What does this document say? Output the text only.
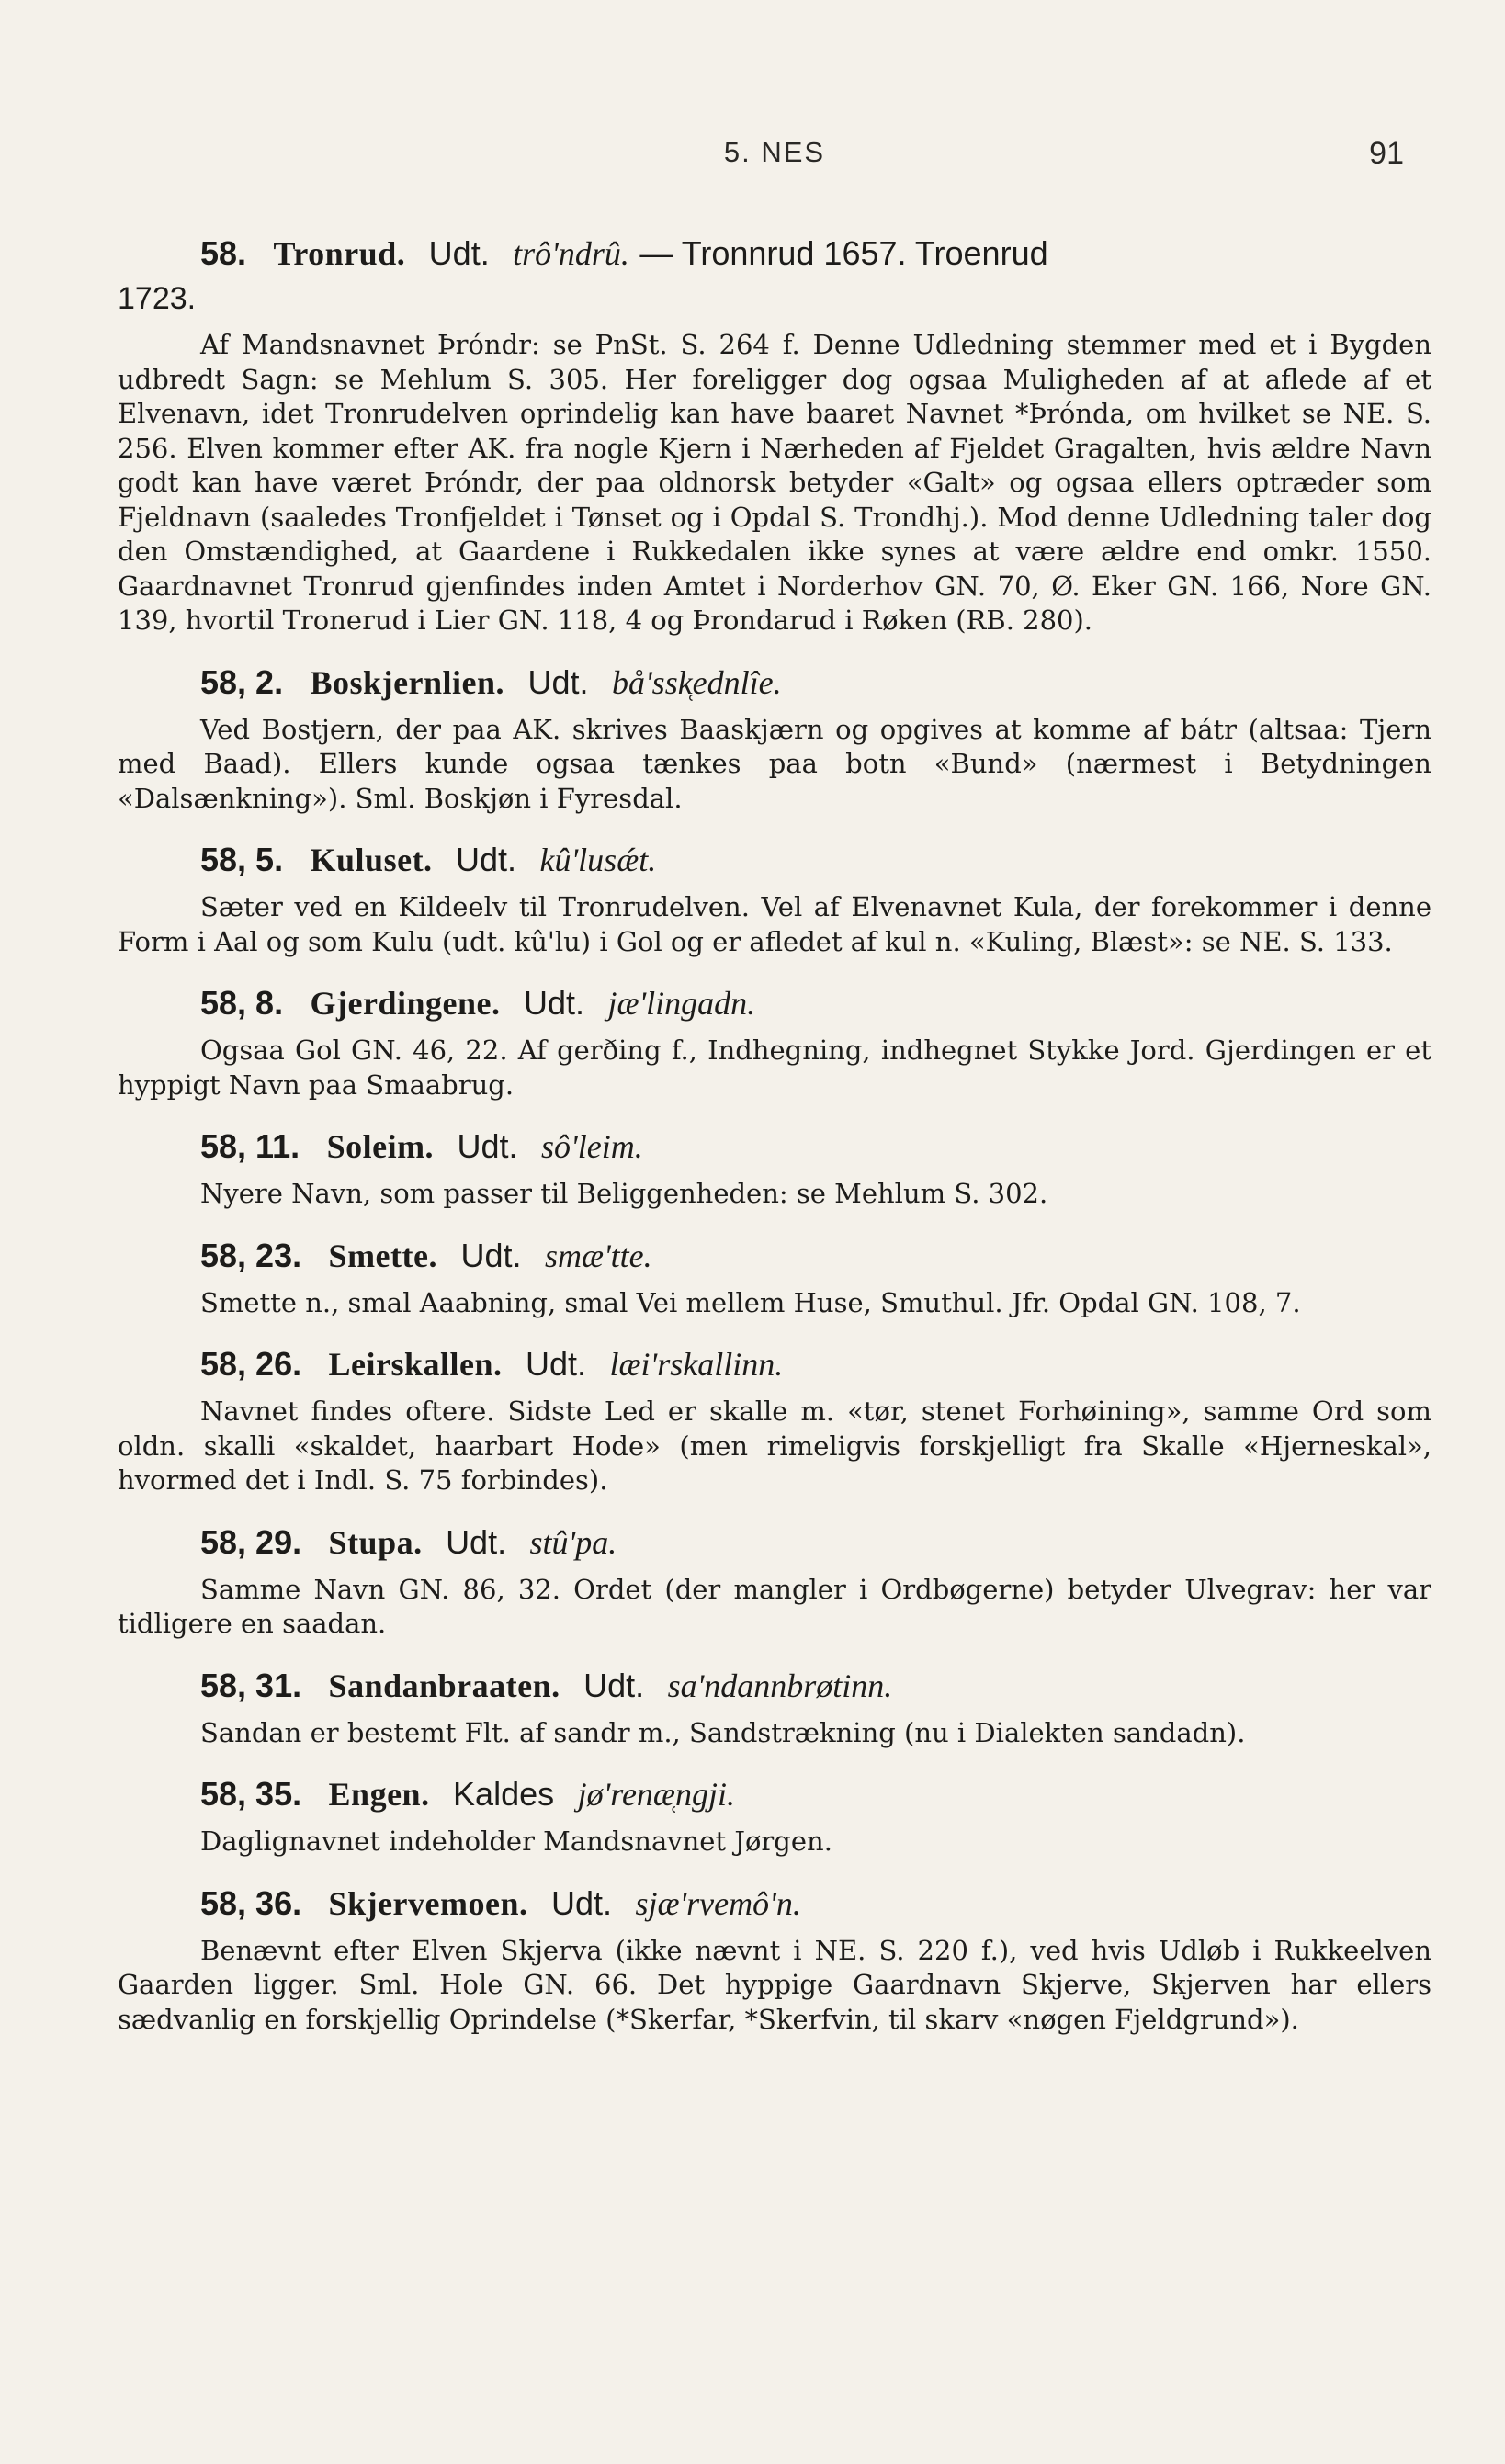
5. NES	91

58. Tronrud. Udt. trô'ndrû. — Tronnrud 1657. Troenrud

1723.

Af Mandsnavnet Þróndr: se PnSt. S. 264 f. Denne Udledning stemmer med et i Bygden udbredt Sagn: se Mehlum S. 305. Her foreligger dog ogsaa Muligheden af at aflede af et Elvenavn, idet Tronrudelven oprindelig kan have baaret Navnet *Þrónda, om hvilket se NE. S. 256. Elven kommer efter AK. fra nogle Kjern i Nærheden af Fjeldet Gragalten, hvis ældre Navn godt kan have været Þróndr, der paa oldnorsk betyder «Galt» og ogsaa ellers optræder som Fjeldnavn (saaledes Tronfjeldet i Tønset og i Opdal S. Trondhj.). Mod denne Udledning taler dog den Omstændighed, at Gaardene i Rukkedalen ikke synes at være ældre end omkr. 1550. Gaardnavnet Tronrud gjenfindes inden Amtet i Norderhov GN. 70, Ø. Eker GN. 166, Nore GN. 139, hvortil Tronerud i Lier GN. 118, 4 og Þrondarud i Røken (RB. 280).

58, 2. Boskjernlien. Udt. bå'ssk̜ednlîe.

Ved Bostjern, der paa AK. skrives Baaskjærn og opgives at komme af bátr (altsaa: Tjern med Baad). Ellers kunde ogsaa tænkes paa botn «Bund» (nærmest i Betydningen «Dalsænkning»). Sml. Boskjøn i Fyresdal.

58, 5. Kuluset. Udt. kû'lusǽt.

Sæter ved en Kildeelv til Tronrudelven. Vel af Elvenavnet Kula, der forekommer i denne Form i Aal og som Kulu (udt. kû'lu) i Gol og er afledet af kul n. «Kuling, Blæst»: se NE. S. 133.

58, 8. Gjerdingene. Udt. jæ'lingadn.

Ogsaa Gol GN. 46, 22. Af gerðing f., Indhegning, indhegnet Stykke Jord. Gjerdingen er et hyppigt Navn paa Smaabrug.

58, 11. Soleim. Udt. sô'leim.

Nyere Navn, som passer til Beliggenheden: se Mehlum S. 302.

58, 23. Smette. Udt. smæ'tte.

Smette n., smal Aaabning, smal Vei mellem Huse, Smuthul. Jfr. Opdal GN. 108, 7.

58, 26. Leirskallen. Udt. læi'rskallinn.

Navnet findes oftere. Sidste Led er skalle m. «tør, stenet Forhøining», samme Ord som oldn. skalli «skaldet, haarbart Hode» (men rimeligvis forskjelligt fra Skalle «Hjerneskal», hvormed det i Indl. S. 75 forbindes).

58, 29. Stupa. Udt. stû'pa.

Samme Navn GN. 86, 32. Ordet (der mangler i Ordbøgerne) betyder Ulvegrav: her var tidligere en saadan.

58, 31. Sandanbraaten. Udt. sa'ndannbrøtinn.

Sandan er bestemt Flt. af sandr m., Sandstrækning (nu i Dialekten sandadn).

58, 35. Engen. Kaldes jø'renæ̜ngji.

Daglignavnet indeholder Mandsnavnet Jørgen.

58, 36. Skjervemoen. Udt. sjæ'rvemô'n.

Benævnt efter Elven Skjerva (ikke nævnt i NE. S. 220 f.), ved hvis Udløb i Rukkeelven Gaarden ligger. Sml. Hole GN. 66. Det hyppige Gaardnavn Skjerve, Skjerven har ellers sædvanlig en forskjellig Oprindelse (*Skerfar, *Skerfvin, til skarv «nøgen Fjeldgrund»).
